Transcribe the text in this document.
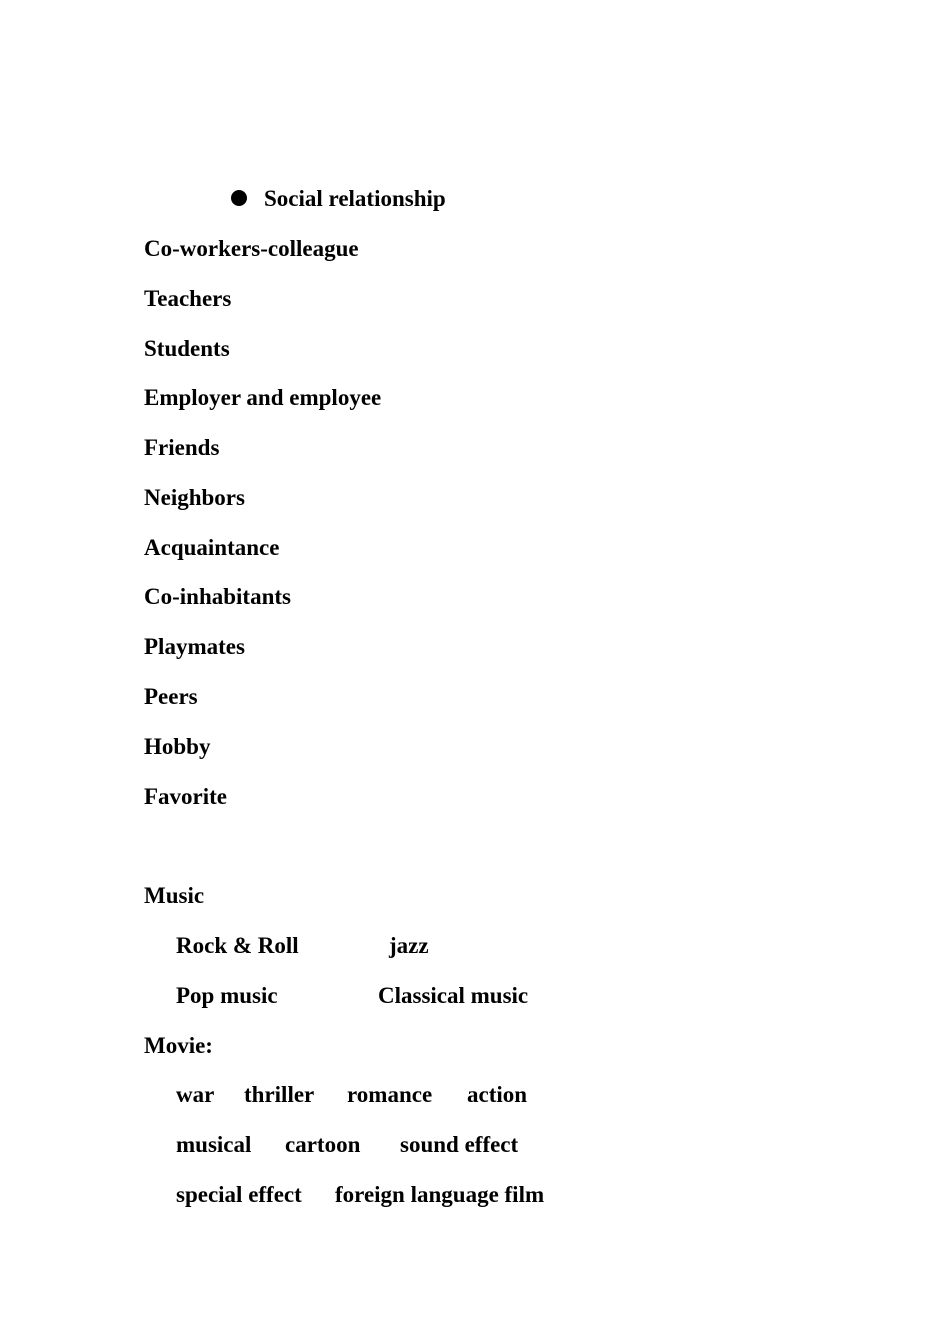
Social relationship
Co-workers-colleague
Teachers
Students
Employer and employee
Friends
Neighbors
Acquaintance
Co-inhabitants
Playmates
Peers
Hobby
Favorite
Music
Rock & Roll	jazz
Pop music	Classical music
Movie:
war thriller romance action
musical cartoon sound effect
special effect foreign language film
